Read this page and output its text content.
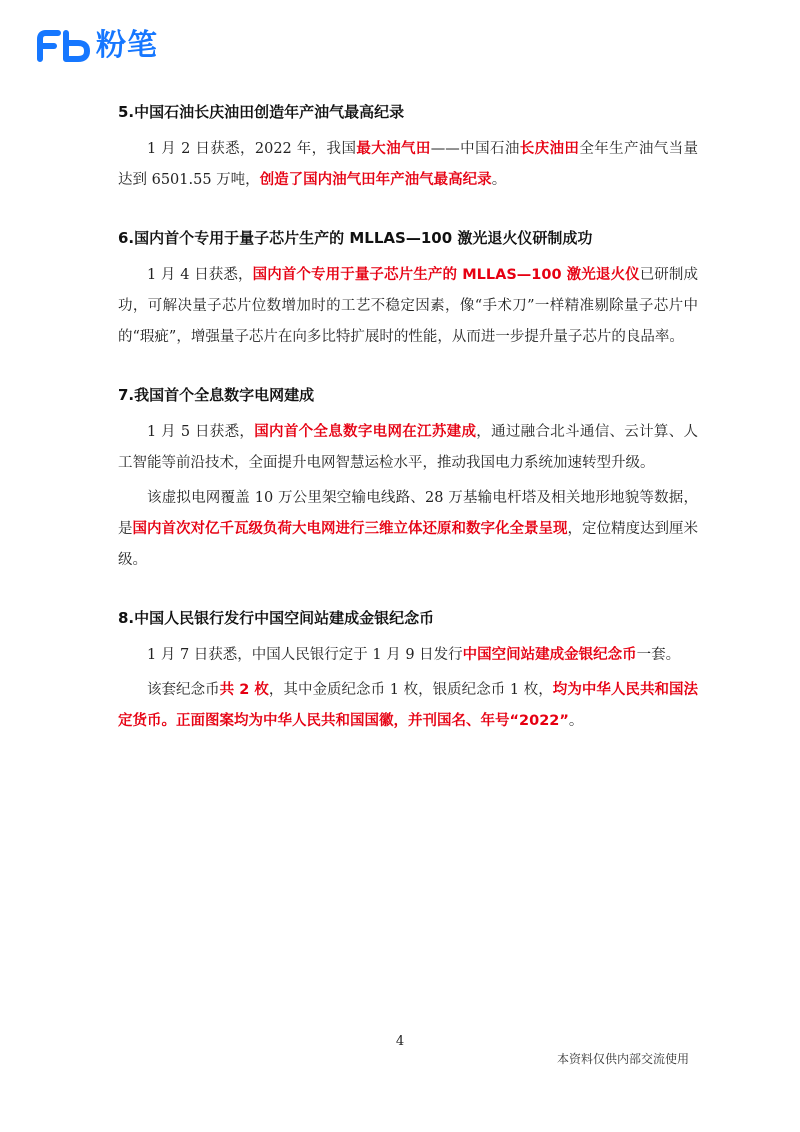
粉笔
5.中国石油长庆油田创造年产油气最高纪录

1 月 2 日获悉，2022 年，我国最大油气田——中国石油长庆油田全年生产油气当量达到 6501.55 万吨，创造了国内油气田年产油气最高纪录。

6.国内首个专用于量子芯片生产的 MLLAS—100 激光退火仪研制成功

1 月 4 日获悉，国内首个专用于量子芯片生产的 MLLAS—100 激光退火仪已研制成功，可解决量子芯片位数增加时的工艺不稳定因素，像“手术刀”一样精准剔除量子芯片中的“瑕疵”，增强量子芯片在向多比特扩展时的性能，从而进一步提升量子芯片的良品率。

7.我国首个全息数字电网建成

1 月 5 日获悉，国内首个全息数字电网在江苏建成，通过融合北斗通信、云计算、人工智能等前沿技术，全面提升电网智慧运检水平，推动我国电力系统加速转型升级。

该虚拟电网覆盖 10 万公里架空输电线路、28 万基输电杆塔及相关地形地貌等数据，是国内首次对亿千瓦级负荷大电网进行三维立体还原和数字化全景呈现，定位精度达到厘米级。

8.中国人民银行发行中国空间站建成金银纪念币

1 月 7 日获悉，中国人民银行定于 1 月 9 日发行中国空间站建成金银纪念币一套。

该套纪念币共 2 枚，其中金质纪念币 1 枚，银质纪念币 1 枚，均为中华人民共和国法定货币。正面图案均为中华人民共和国国徽，并刊国名、年号“2022”。

4
本资料仅供内部交流使用
